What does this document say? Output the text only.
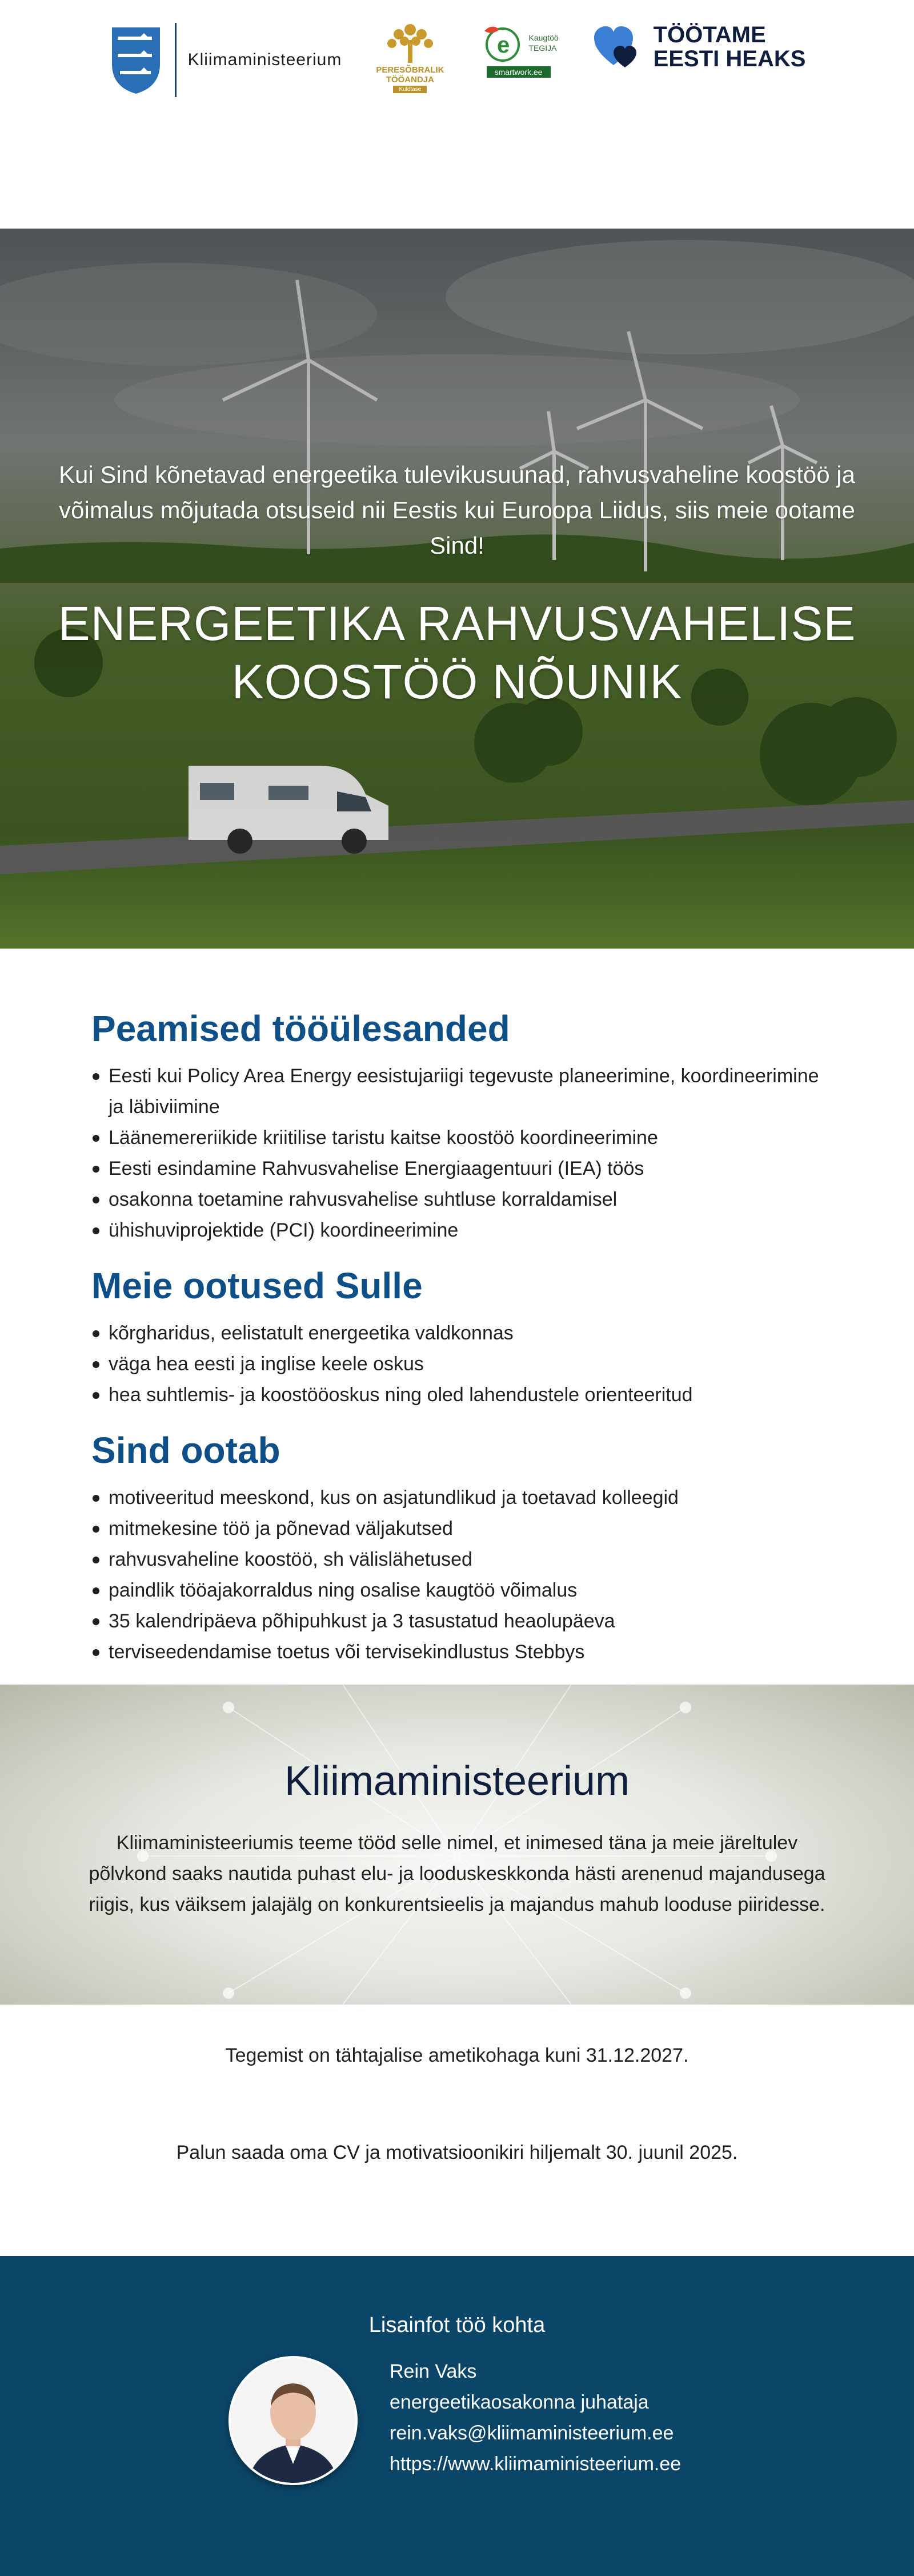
Kliimaministeerium
PERESÕBRALIK
TÖÖANDJA
Kuldtase
e Kaugtöö
TEGIJA
smartwork.ee
TÖÖTAME
EESTI HEAKS
Kui Sind kõnetavad energeetika tulevikusuunad, rahvusvaheline koostöö ja võimalus mõjutada otsuseid nii Eestis kui Euroopa Liidus, siis meie ootame Sind!
ENERGEETIKA RAHVUSVAHELISE
KOOSTÖÖ NÕUNIK
Peamised tööülesanded
Eesti kui Policy Area Energy eesistujariigi tegevuste planeerimine, koordineerimine ja läbiviimine
Läänemereriikide kriitilise taristu kaitse koostöö koordineerimine
Eesti esindamine Rahvusvahelise Energiaagentuuri (IEA) töös
osakonna toetamine rahvusvahelise suhtluse korraldamisel
ühishuviprojektide (PCI) koordineerimine
Meie ootused Sulle
kõrgharidus, eelistatult energeetika valdkonnas
väga hea eesti ja inglise keele oskus
hea suhtlemis- ja koostööoskus ning oled lahendustele orienteeritud
Sind ootab
motiveeritud meeskond, kus on asjatundlikud ja toetavad kolleegid
mitmekesine töö ja põnevad väljakutsed
rahvusvaheline koostöö, sh välislähetused
paindlik tööajakorraldus ning osalise kaugtöö võimalus
35 kalendripäeva põhipuhkust ja 3 tasustatud heaolupäeva
terviseedendamise toetus või tervisekindlustus Stebbys
Kliimaministeerium

Kliimaministeeriumis teeme tööd selle nimel, et inimesed täna ja meie järeltulev põlvkond saaks nautida puhast elu- ja looduskeskkonda hästi arenenud majandusega riigis, kus väiksem jalajälg on konkurentsieelis ja majandus mahub looduse piiridesse.

Tegemist on tähtajalise ametikohaga kuni 31.12.2027.
Palun saada oma CV ja motivatsioonikiri hiljemalt 30. juunil 2025.
Lisainfot töö kohta
Rein Vaks
energeetikaosakonna juhataja
rein.vaks@kliimaministeerium.ee
https://www.kliimaministeerium.ee
